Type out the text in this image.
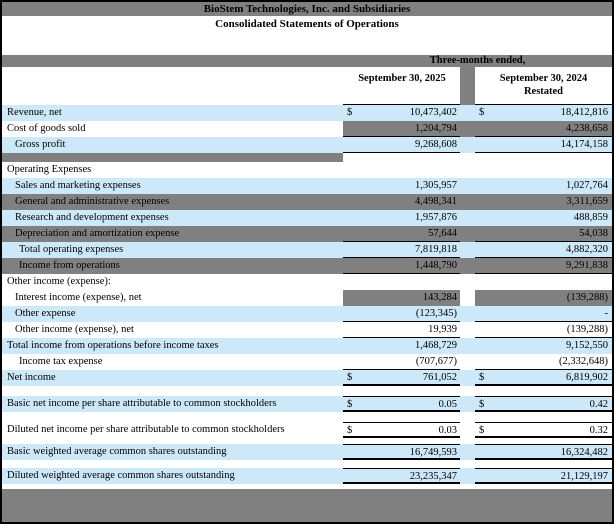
BioStem Technologies, Inc. and Subsidiaries
Consolidated Statements of Operations
Three-months ended,
September 30, 2025	September 30, 2024
Restated
Revenue, net	$	10,473,402 $	18,412,816
Cost of goods sold	1,204,794	4,238,658
Gross profit	9,268,608	14,174,158
Operating Expenses
Sales and marketing expenses	1,305,957	1,027,764
General and administrative expenses	4,498,341	3,311,659
Research and development expenses	1,957,876	488,859
Depreciation and amortization expense	57,644	54,038
Total operating expenses	7,819,818	4,882,320
Income from operations	1,448,790	9,291,838
Other income (expense):
Interest income (expense), net	143,284	(139,288)
Other expense	(123,345)	-
Other income (expense), net	19,939	(139,288)
Total income from operations before income taxes	1,468,729	9,152,550
Income tax expense	(707,677)	(2,332,648)
Net income	$	761,052 $	6,819,902
Basic net income per share attributable to common stockholders	$	0.05 $	0.42
Diluted net income per share attributable to common stockholders	$	0.03 $	0.32
Basic weighted average common shares outstanding	16,749,593	16,324,482
Diluted weighted average common shares outstanding	23,235,347	21,129,197
